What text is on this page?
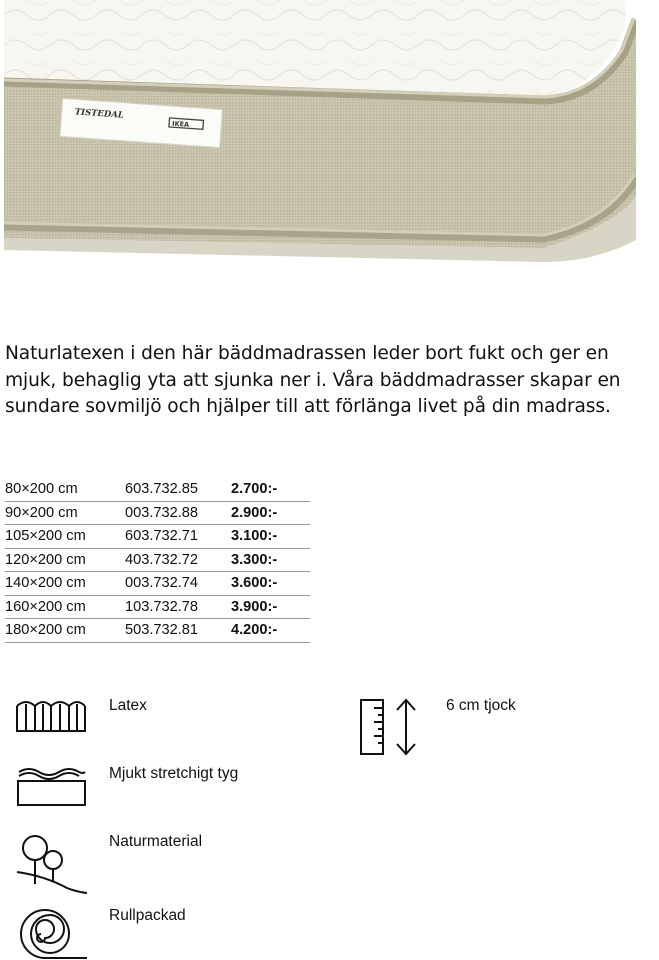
TISTEDAL
IKEA

Naturlatexen i den här bäddmadrassen leder bort fukt och ger en mjuk, behaglig yta att sjunka ner i. Våra bäddmadrasser skapar en sundare sovmiljö och hjälper till att förlänga livet på din madrass.

80×200 cm	603.732.85	2.700:-
90×200 cm	003.732.88	2.900:-
105×200 cm	603.732.71	3.100:-
120×200 cm	403.732.72	3.300:-
140×200 cm	003.732.74	3.600:-
160×200 cm	103.732.78	3.900:-
180×200 cm	503.732.81	4.200:-
Latex
Mjukt stretchigt tyg
Naturmaterial
Rullpackad
6 cm tjock
